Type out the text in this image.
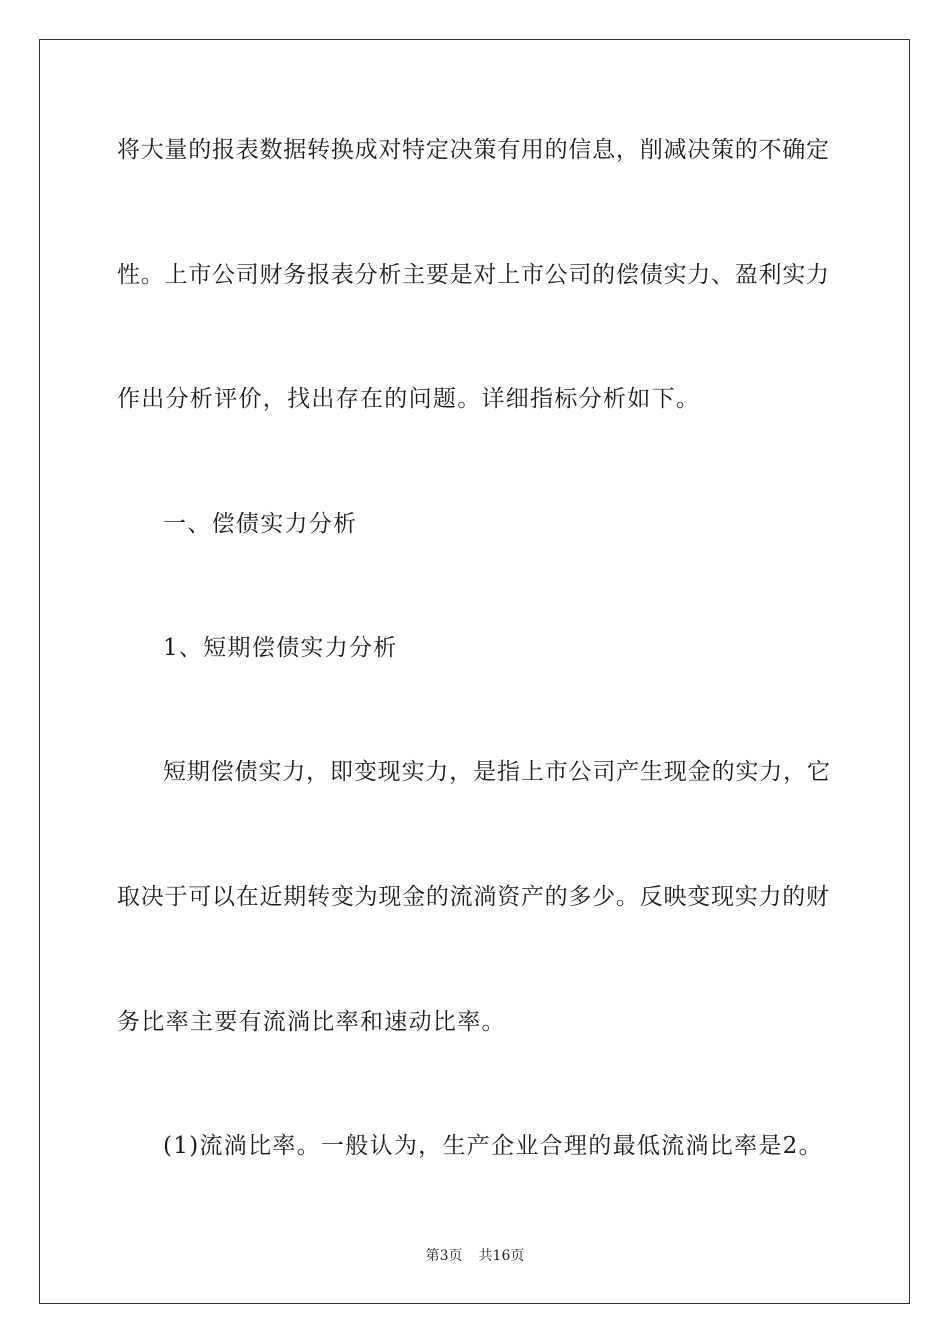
将大量的报表数据转换成对特定决策有用的信息，削减决策的不确定
性。上市公司财务报表分析主要是对上市公司的偿债实力、盈利实力
作出分析评价，找出存在的问题。详细指标分析如下。
一、偿债实力分析
1、短期偿债实力分析
短期偿债实力，即变现实力，是指上市公司产生现金的实力，它
取决于可以在近期转变为现金的流淌资产的多少。反映变现实力的财
务比率主要有流淌比率和速动比率。
(1)流淌比率。一般认为，生产企业合理的最低流淌比率是2。
第3页 共16页
